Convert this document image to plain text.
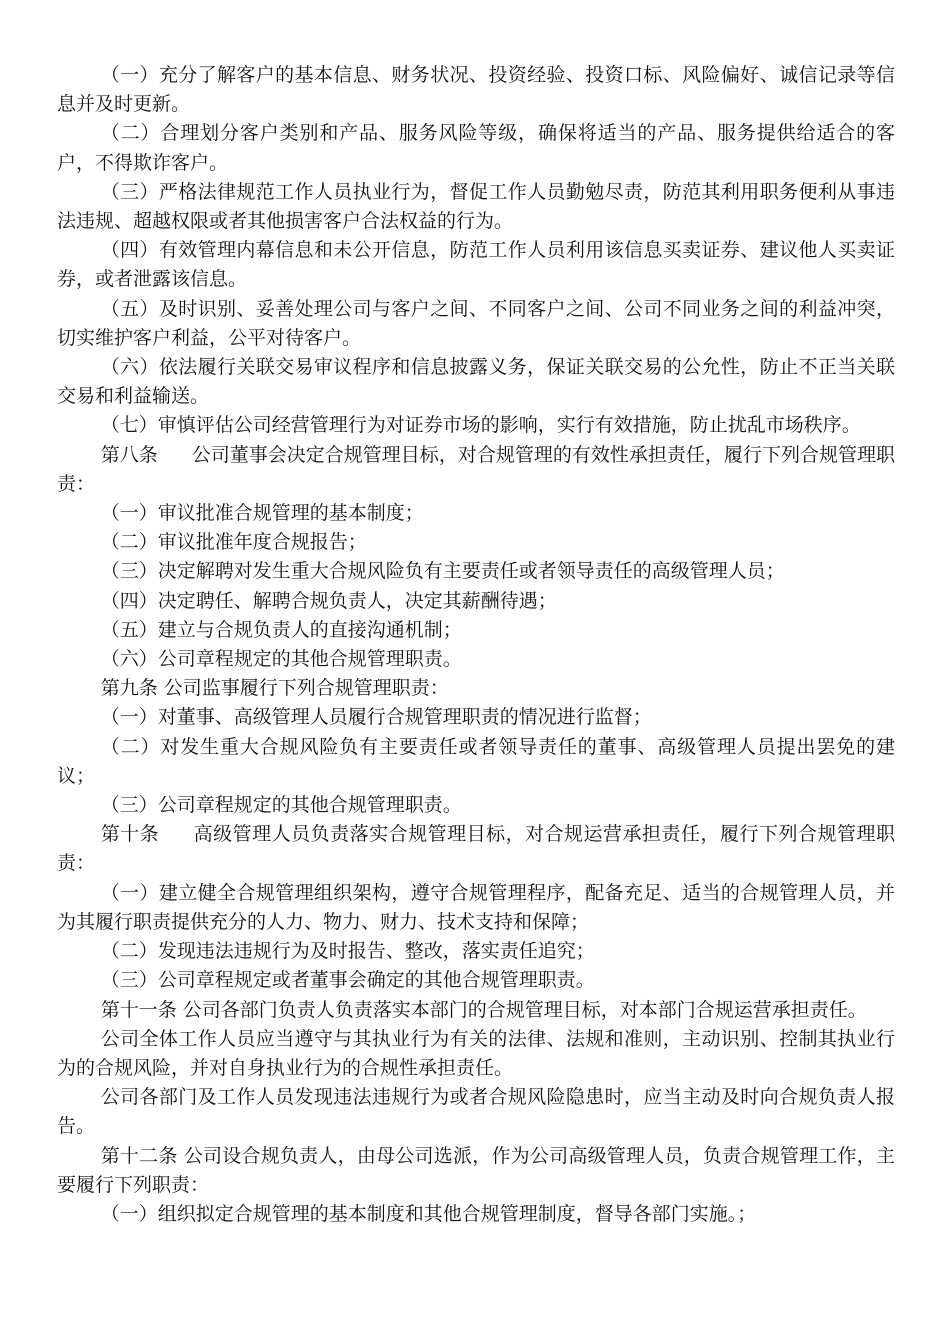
（一）充分了解客户的基本信息、财务状况、投资经验、投资口标、风险偏好、诚信记录等信息并及时更新。

（二）合理划分客户类别和产品、服务风险等级，确保将适当的产品、服务提供给适合的客户，不得欺诈客户。

（三）严格法律规范工作人员执业行为，督促工作人员勤勉尽责，防范其利用职务便利从事违法违规、超越权限或者其他损害客户合法权益的行为。

（四）有效管理内幕信息和未公开信息，防范工作人员利用该信息买卖证券、建议他人买卖证券，或者泄露该信息。

（五）及时识别、妥善处理公司与客户之间、不同客户之间、公司不同业务之间的利益冲突，切实维护客户利益，公平对待客户。

（六）依法履行关联交易审议程序和信息披露义务，保证关联交易的公允性，防止不正当关联交易和利益输送。

（七）审慎评估公司经营管理行为对证券市场的影响，实行有效措施，防止扰乱市场秩序。

第八条 公司董事会决定合规管理目标，对合规管理的有效性承担责任，履行下列合规管理职责：

（一）审议批准合规管理的基本制度；

（二）审议批准年度合规报告；

（三）决定解聘对发生重大合规风险负有主要责任或者领导责任的高级管理人员；

（四）决定聘任、解聘合规负责人，决定其薪酬待遇；

（五）建立与合规负责人的直接沟通机制；

（六）公司章程规定的其他合规管理职责。

第九条 公司监事履行下列合规管理职责：

（一）对董事、高级管理人员履行合规管理职责的情况进行监督；

（二）对发生重大合规风险负有主要责任或者领导责任的董事、高级管理人员提出罢免的建议；

（三）公司章程规定的其他合规管理职责。

第十条 高级管理人员负责落实合规管理目标，对合规运营承担责任，履行下列合规管理职责：

（一）建立健全合规管理组织架构，遵守合规管理程序，配备充足、适当的合规管理人员，并为其履行职责提供充分的人力、物力、财力、技术支持和保障；

（二）发现违法违规行为及时报告、整改，落实责任追究；

（三）公司章程规定或者董事会确定的其他合规管理职责。

第十一条 公司各部门负责人负责落实本部门的合规管理目标，对本部门合规运营承担责任。

公司全体工作人员应当遵守与其执业行为有关的法律、法规和准则，主动识别、控制其执业行为的合规风险，并对自身执业行为的合规性承担责任。

公司各部门及工作人员发现违法违规行为或者合规风险隐患时，应当主动及时向合规负责人报告。

第十二条 公司设合规负责人，由母公司选派，作为公司高级管理人员，负责合规管理工作，主要履行下列职责：

（一）组织拟定合规管理的基本制度和其他合规管理制度，督导各部门实施。；
